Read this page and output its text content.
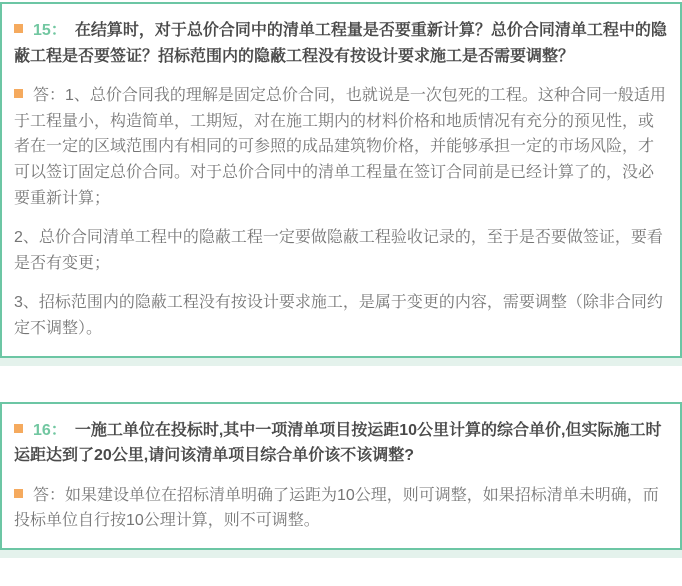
15： 在结算时，对于总价合同中的清单工程量是否要重新计算？总价合同清单工程中的隐蔽工程是否要签证？招标范围内的隐蔽工程没有按设计要求施工是否需要调整？

答：1、总价合同我的理解是固定总价合同，也就说是一次包死的工程。这种合同一般适用于工程量小，构造简单，工期短，对在施工期内的材料价格和地质情况有充分的预见性，或者在一定的区域范围内有相同的可参照的成品建筑物价格，并能够承担一定的市场风险，才可以签订固定总价合同。对于总价合同中的清单工程量在签订合同前是已经计算了的，没必要重新计算；

2、总价合同清单工程中的隐蔽工程一定要做隐蔽工程验收记录的，至于是否要做签证，要看是否有变更；

3、招标范围内的隐蔽工程没有按设计要求施工，是属于变更的内容，需要调整（除非合同约定不调整）。

16： 一施工单位在投标时,其中一项清单项目按运距10公里计算的综合单价,但实际施工时运距达到了20公里,请问该清单项目综合单价该不该调整?

答：如果建设单位在招标清单明确了运距为10公理，则可调整，如果招标清单未明确，而投标单位自行按10公理计算，则不可调整。
